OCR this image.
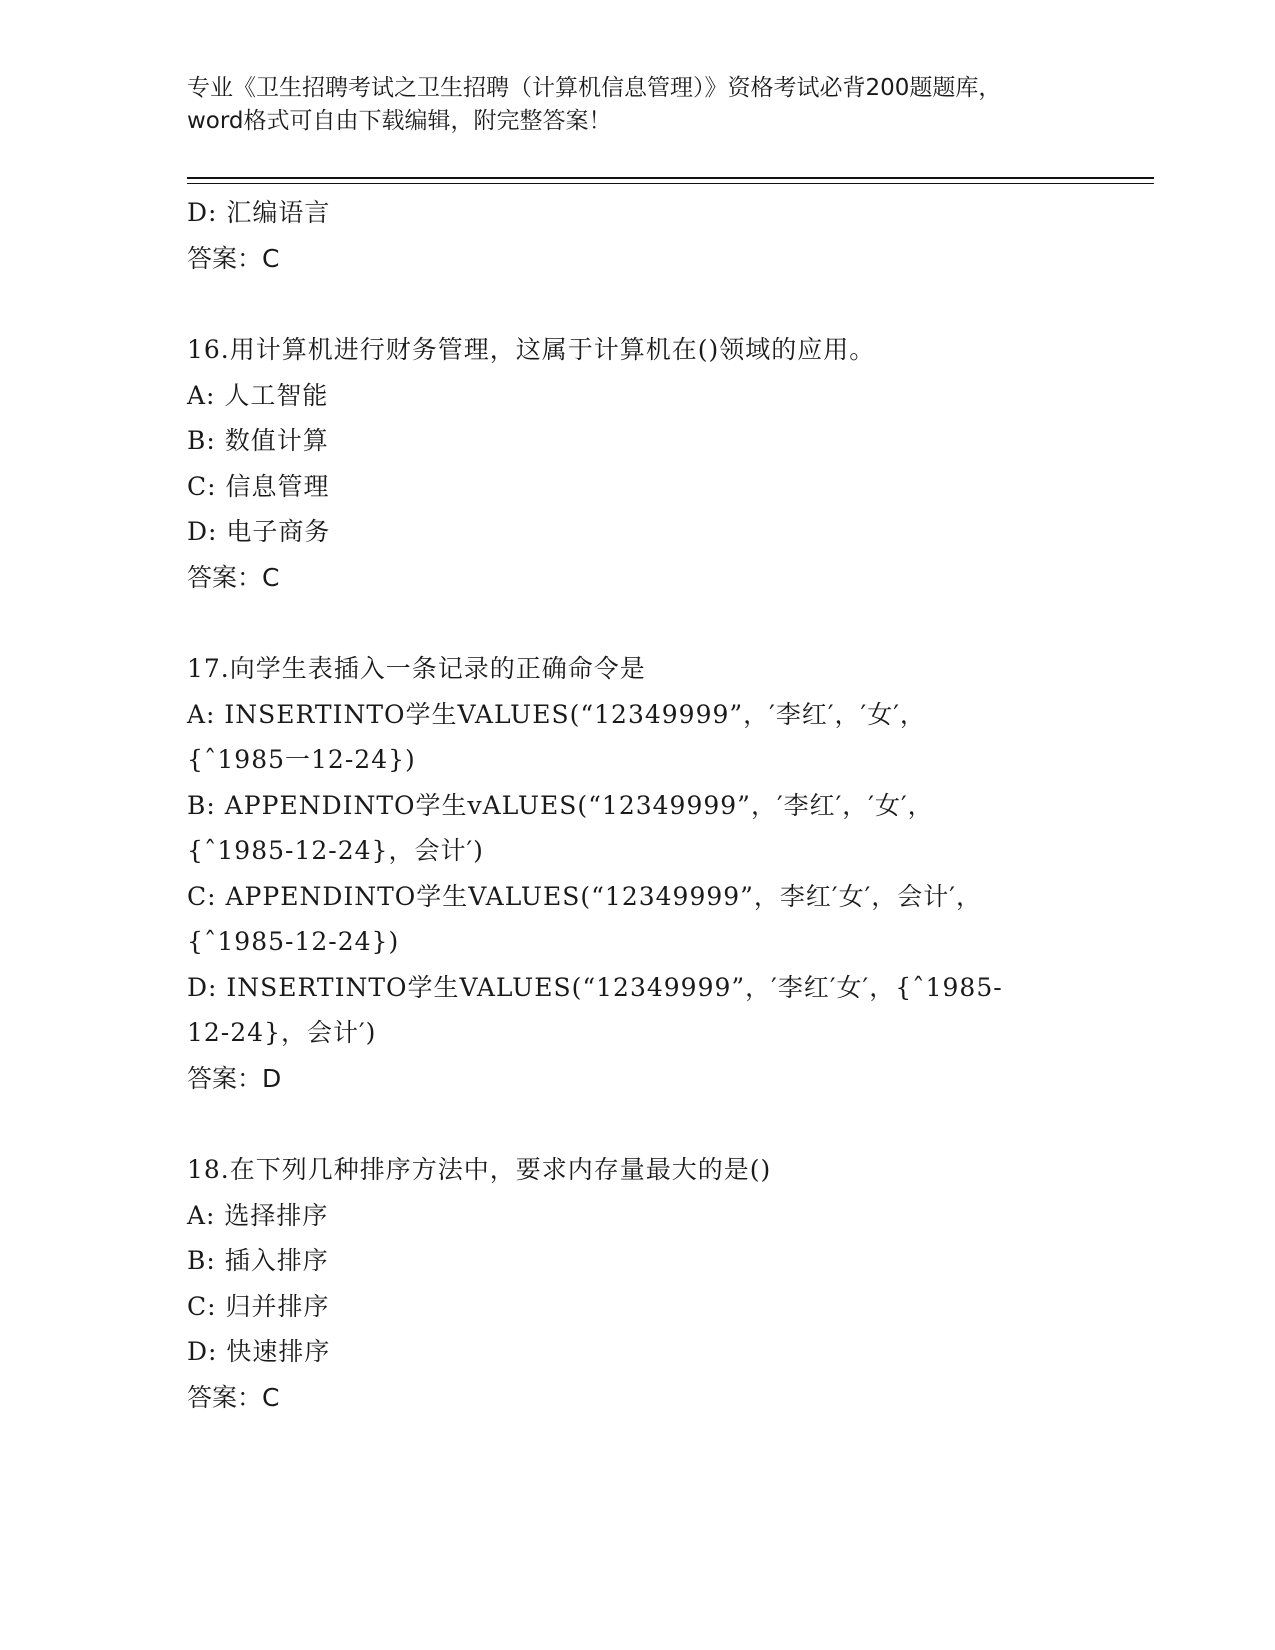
专业《卫生招聘考试之卫生招聘（计算机信息管理）》资格考试必背200题题库，
word格式可自由下载编辑，附完整答案！
D: 汇编语言
答案：C
16.用计算机进行财务管理，这属于计算机在()领域的应用。
A: 人工智能
B: 数值计算
C: 信息管理
D: 电子商务
答案：C
17.向学生表插入一条记录的正确命令是
A: INSERTINTO学生VALUES(“12349999”，′李红′，′女′，
{ˆ1985一12-24})
B: APPENDINTO学生vALUES(“12349999”，′李红′，′女′，
{ˆ1985-12-24}，会计′)
C: APPENDINTO学生VALUES(“12349999”，李红′女′，会计′，
{ˆ1985-12-24})
D: INSERTINTO学生VALUES(“12349999”，′李红′女′，{ˆ1985-
12-24}，会计′)
答案：D
18.在下列几种排序方法中，要求内存量最大的是()
A: 选择排序
B: 插入排序
C: 归并排序
D: 快速排序
答案：C
